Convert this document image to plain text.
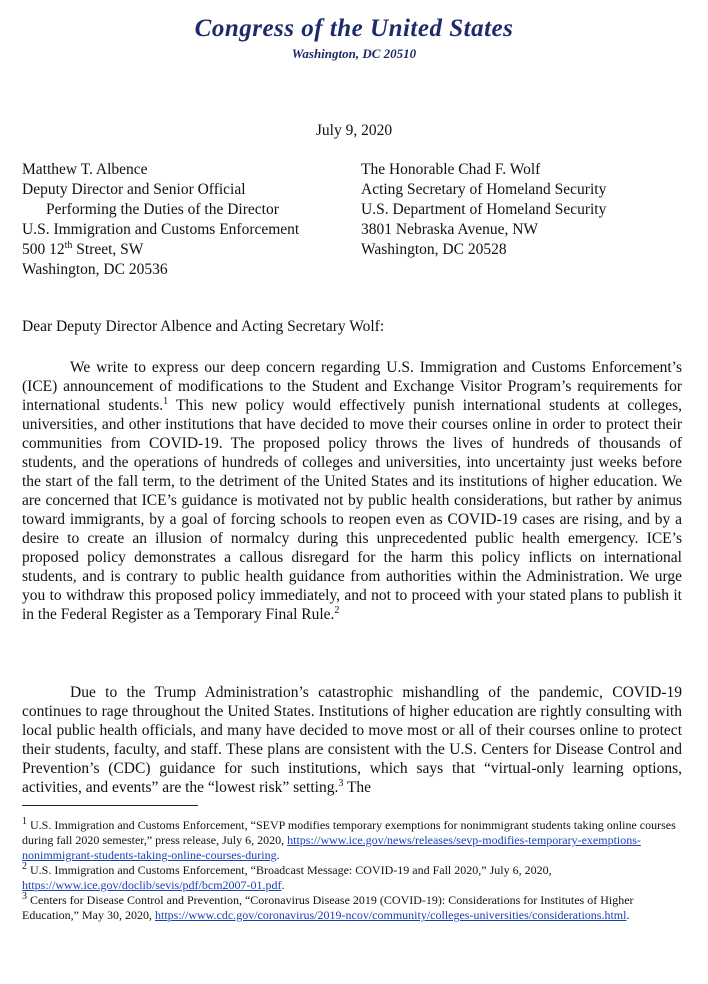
Congress of the United States
Washington, DC 20510
July 9, 2020
Matthew T. Albence
Deputy Director and Senior Official
Performing the Duties of the Director
U.S. Immigration and Customs Enforcement
500 12th Street, SW
Washington, DC 20536
The Honorable Chad F. Wolf
Acting Secretary of Homeland Security
U.S. Department of Homeland Security
3801 Nebraska Avenue, NW
Washington, DC 20528
Dear Deputy Director Albence and Acting Secretary Wolf:

We write to express our deep concern regarding U.S. Immigration and Customs Enforcement’s (ICE) announcement of modifications to the Student and Exchange Visitor Program’s requirements for international students.$^1$ This new policy would effectively punish international students at colleges, universities, and other institutions that have decided to move their courses online in order to protect their communities from COVID-19. The proposed policy throws the lives of hundreds of thousands of students, and the operations of hundreds of colleges and universities, into uncertainty just weeks before the start of the fall term, to the detriment of the United States and its institutions of higher education. We are concerned that ICE’s guidance is motivated not by public health considerations, but rather by animus toward immigrants, by a goal of forcing schools to reopen even as COVID-19 cases are rising, and by a desire to create an illusion of normalcy during this unprecedented public health emergency. ICE’s proposed policy demonstrates a callous disregard for the harm this policy inflicts on international students, and is contrary to public health guidance from authorities within the Administration. We urge you to withdraw this proposed policy immediately, and not to proceed with your stated plans to publish it in the Federal Register as a Temporary Final Rule.$^2$

Due to the Trump Administration’s catastrophic mishandling of the pandemic, COVID-19 continues to rage throughout the United States. Institutions of higher education are rightly consulting with local public health officials, and many have decided to move most or all of their courses online to protect their students, faculty, and staff. These plans are consistent with the U.S. Centers for Disease Control and Prevention’s (CDC) guidance for such institutions, which says that “virtual-only learning options, activities, and events” are the “lowest risk” setting.$^3$ The

$^1$ U.S. Immigration and Customs Enforcement, “SEVP modifies temporary exemptions for nonimmigrant students taking online courses during fall 2020 semester,” press release, July 6, 2020, https://www.ice.gov/news/releases/sevp-modifies-temporary-exemptions-nonimmigrant-students-taking-online-courses-during.

$^2$ U.S. Immigration and Customs Enforcement, “Broadcast Message: COVID-19 and Fall 2020,” July 6, 2020, https://www.ice.gov/doclib/sevis/pdf/bcm2007-01.pdf.

$^3$ Centers for Disease Control and Prevention, “Coronavirus Disease 2019 (COVID-19): Considerations for Institutes of Higher Education,” May 30, 2020, https://www.cdc.gov/coronavirus/2019-ncov/community/colleges-universities/considerations.html.
